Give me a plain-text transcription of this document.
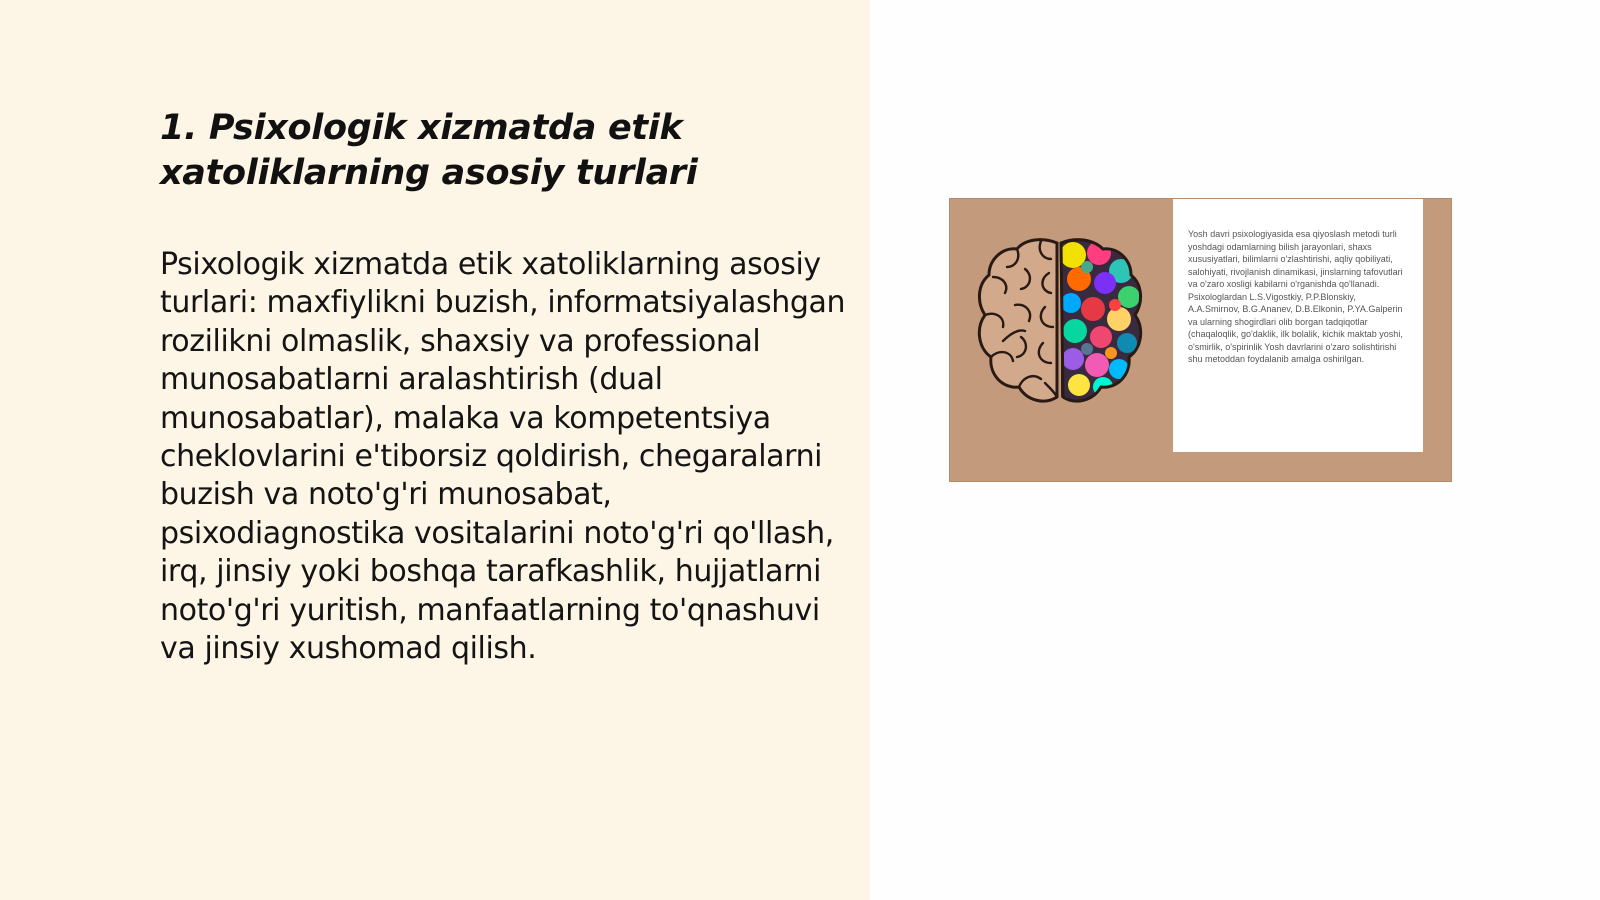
1. Psixologik xizmatda etik xatoliklarning asosiy turlari

Psixologik xizmatda etik xatoliklarning asosiy turlari: maxfiylikni buzish, informatsiyalashgan rozilikni olmaslik, shaxsiy va professional munosabatlarni aralashtirish (dual munosabatlar), malaka va kompetentsiya cheklovlarini e'tiborsiz qoldirish, chegaralarni buzish va noto'g'ri munosabat, psixodiagnostika vositalarini noto'g'ri qo'llash, irq, jinsiy yoki boshqa tarafkashlik, hujjatlarni noto'g'ri yuritish, manfaatlarning to'qnashuvi va jinsiy xushomad qilish.

Yosh davri psixologiyasida esa qiyoslash metodi turli yoshdagi odamlarning bilish jarayonlari, shaxs xususiyatlari, bilimlarni o'zlashtirishi, aqliy qobiliyati, salohiyati, rivojlanish dinamikasi, jinslarning tafovutlari va o'zaro xosligi kabilarni o'rganishda qo'llanadi. Psixologlardan L.S.Vigostkiy, P.P.Blonskiy, A.A.Smirnov, B.G.Ananev, D.B.Elkonin, P.YA.Galperin va ularning shogirdlari olib borgan tadqiqotlar (chaqaloqlik, go'daklik, ilk bolalik, kichik maktab yoshi, o'smirlik, o'spirinlik Yosh davrlarini o'zaro solishtirishi shu metoddan foydalanib amalga oshirilgan.
